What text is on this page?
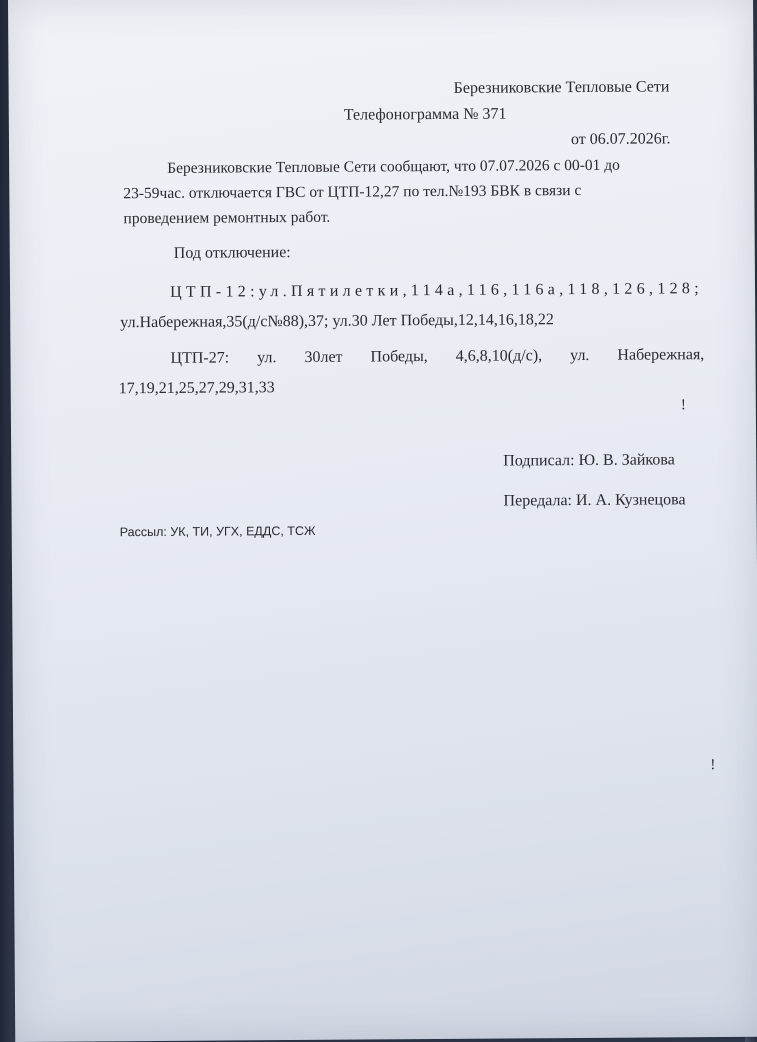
Березниковские Тепловые Сети
Телефонограмма № 371
от 06.07.2026г.
Березниковские Тепловые Сети сообщают, что 07.07.2026 с 00-01 до
23-59час. отключается ГВС от ЦТП-12,27 по тел.№193 БВК в связи с
проведением ремонтных работ.
Под отключение:
ЦТП-12:ул.Пятилетки,114а,116,116а,118,126,128;
ул.Набережная,35(д/с№88),37; ул.30 Лет Победы,12,14,16,18,22
ЦТП-27: ул. 30лет Победы, 4,6,8,10(д/с), ул. Набережная,
17,19,21,25,27,29,31,33
!
Подписал: Ю. В. Зайкова
Передала: И. А. Кузнецова
Рассыл: УК, ТИ, УГХ, ЕДДС, ТСЖ
!
